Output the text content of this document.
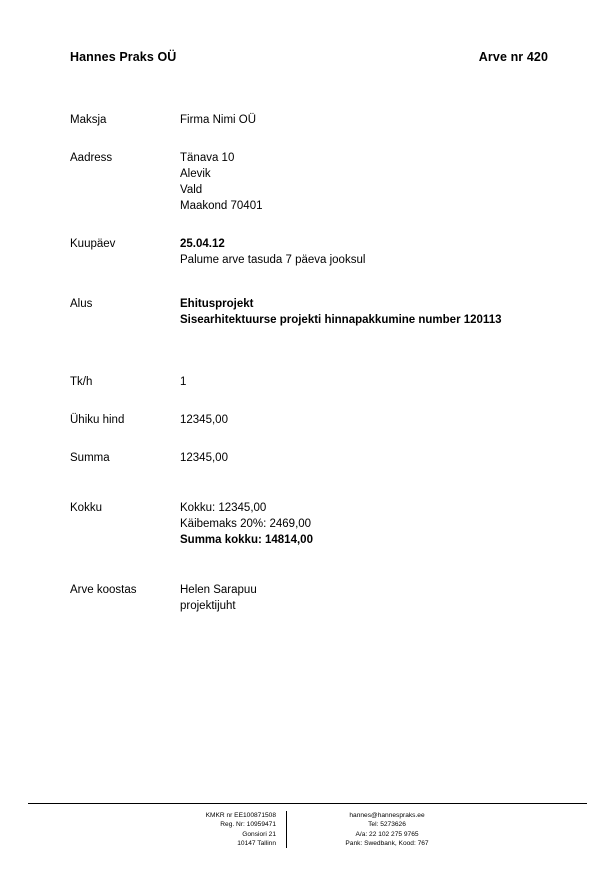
Hannes Praks OÜ	Arve nr 420
Maksja	Firma Nimi OÜ
Aadress	Tänava 10
Alevik
Vald
Maakond 70401
Kuupäev	25.04.12
Palume arve tasuda 7 päeva jooksul
Alus	Ehitusprojekt
Sisearhitektuurse projekti hinnapakkumine number 120113
Tk/h	1
Ühiku hind	12345,00
Summa	12345,00
Kokku	Kokku: 12345,00
Käibemaks 20%: 2469,00
Summa kokku: 14814,00
Arve koostas	Helen Sarapuu
projektijuht
KMKR nr EE100871508
Reg. Nr: 10959471
Gonsiori 21
10147 Tallinn
hannes@hannespraks.ee
Tel: 5273626
A/a: 22 102 275 9765
Pank: Swedbank, Kood: 767
